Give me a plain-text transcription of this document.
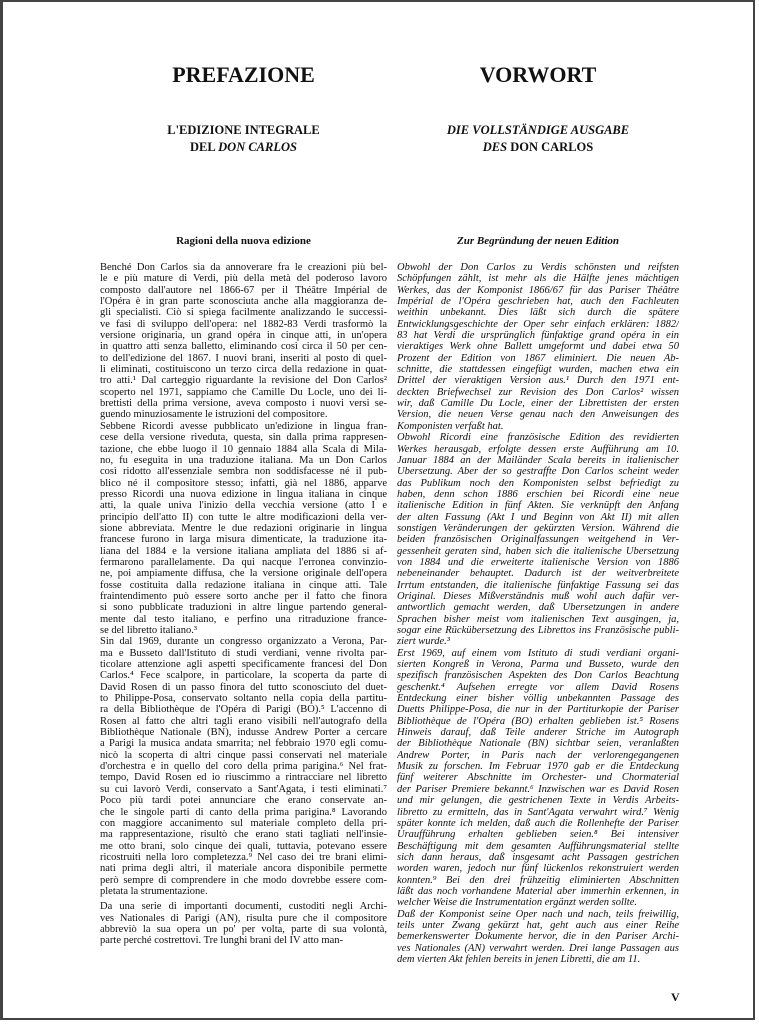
PREFAZIONE
L'EDIZIONE INTEGRALE
DEL DON CARLOS
Ragioni della nuova edizione
Benché Don Carlos sia da annoverare fra le creazioni più bel-
le e più mature di Verdi, più della metà del poderoso lavoro
composto dall'autore nel 1866-67 per il Théâtre Impérial de
l'Opéra è in gran parte sconosciuta anche alla maggioranza de-
gli specialisti. Ciò si spiega facilmente analizzando le successi-
ve fasi di sviluppo dell'opera: nel 1882-83 Verdi trasformò la
versione originaria, un grand opéra in cinque atti, in un'opera
in quattro atti senza balletto, eliminando così circa il 50 per cen-
to dell'edizione del 1867. I nuovi brani, inseriti al posto di quel-
li eliminati, costituiscono un terzo circa della redazione in quat-
tro atti.¹ Dal carteggio riguardante la revisione del Don Carlos²
scoperto nel 1971, sappiamo che Camille Du Locle, uno dei li-
brettisti della prima versione, aveva composto i nuovi versi se-
guendo minuziosamente le istruzioni del compositore.
Sebbene Ricordi avesse pubblicato un'edizione in lingua fran-
cese della versione riveduta, questa, sin dalla prima rappresen-
tazione, che ebbe luogo il 10 gennaio 1884 alla Scala di Mila-
no, fu eseguita in una traduzione italiana. Ma un Don Carlos
così ridotto all'essenziale sembra non soddisfacesse né il pub-
blico né il compositore stesso; infatti, già nel 1886, apparve
presso Ricordi una nuova edizione in lingua italiana in cinque
atti, la quale univa l'inizio della vecchia versione (atto I e
principio dell'atto II) con tutte le altre modificazioni della ver-
sione abbreviata. Mentre le due redazioni originarie in lingua
francese furono in larga misura dimenticate, la traduzione ita-
liana del 1884 e la versione italiana ampliata del 1886 si af-
fermarono parallelamente. Da qui nacque l'erronea convinzio-
ne, poi ampiamente diffusa, che la versione originale dell'opera
fosse costituita dalla redazione italiana in cinque atti. Tale
fraintendimento può essere sorto anche per il fatto che finora
si sono pubblicate traduzioni in altre lingue partendo general-
mente dal testo italiano, e perfino una ritraduzione france-
se del libretto italiano.³
Sin dal 1969, durante un congresso organizzato a Verona, Par-
ma e Busseto dall'Istituto di studi verdiani, venne rivolta par-
ticolare attenzione agli aspetti specificamente francesi del Don
Carlos.⁴ Fece scalpore, in particolare, la scoperta da parte di
David Rosen di un passo finora del tutto sconosciuto del duet-
to Philippe-Posa, conservato soltanto nella copia della partitu-
ra della Bibliothèque de l'Opéra di Parigi (BO).⁵ L'accenno di
Rosen al fatto che altri tagli erano visibili nell'autografo della
Bibliothèque Nationale (BN), indusse Andrew Porter a cercare
a Parigi la musica andata smarrita; nel febbraio 1970 egli comu-
nicò la scoperta di altri cinque passi conservati nel materiale
d'orchestra e in quello del coro della prima parigina.⁶ Nel frat-
tempo, David Rosen ed io riuscimmo a rintracciare nel libretto
su cui lavorò Verdi, conservato a Sant'Agata, i testi eliminati.⁷
Poco più tardi potei annunciare che erano conservate an-
che le singole parti di canto della prima parigina.⁸ Lavorando
con maggiore accanimento sul materiale completo della pri-
ma rappresentazione, risultò che erano stati tagliati nell'insie-
me otto brani, solo cinque dei quali, tuttavia, potevano essere
ricostruiti nella loro completezza.⁹ Nel caso dei tre brani elimi-
nati prima degli altri, il materiale ancora disponibile permette
però sempre di comprendere in che modo dovrebbe essere com-
pletata la strumentazione.
Da una serie di importanti documenti, custoditi negli Archi-
ves Nationales di Parigi (AN), risulta pure che il compositore
abbreviò la sua opera un po' per volta, parte di sua volontà,
parte perché costrettovi. Tre lunghi brani del IV atto man-
VORWORT
DIE VOLLSTÄNDIGE AUSGABE
DES DON CARLOS
Zur Begründung der neuen Edition
Obwohl der Don Carlos zu Verdis schönsten und reifsten
Schöpfungen zählt, ist mehr als die Hälfte jenes mächtigen
Werkes, das der Komponist 1866/67 für das Pariser Théâtre
Impérial de l'Opéra geschrieben hat, auch den Fachleuten
weithin unbekannt. Dies läßt sich durch die spätere
Entwicklungsgeschichte der Oper sehr einfach erklären: 1882/
83 hat Verdi die ursprünglich fünfaktige grand opéra in ein
vieraktiges Werk ohne Ballett umgeformt und dabei etwa 50
Prozent der Edition von 1867 eliminiert. Die neuen Ab-
schnitte, die stattdessen eingefügt wurden, machen etwa ein
Drittel der vieraktigen Version aus.¹ Durch den 1971 ent-
deckten Briefwechsel zur Revision des Don Carlos² wissen
wir, daß Camille Du Locle, einer der Librettisten der ersten
Version, die neuen Verse genau nach den Anweisungen des
Komponisten verfaßt hat.
Obwohl Ricordi eine französische Edition des revidierten
Werkes herausgab, erfolgte dessen erste Aufführung am 10.
Januar 1884 an der Mailänder Scala bereits in italienischer
Übersetzung. Aber der so gestraffte Don Carlos scheint weder
das Publikum noch den Komponisten selbst befriedigt zu
haben, denn schon 1886 erschien bei Ricordi eine neue
italienische Edition in fünf Akten. Sie verknüpft den Anfang
der alten Fassung (Akt I und Beginn von Akt II) mit allen
sonstigen Veränderungen der gekürzten Version. Während die
beiden französischen Originalfassungen weitgehend in Ver-
gessenheit geraten sind, haben sich die italienische Übersetzung
von 1884 und die erweiterte italienische Version von 1886
nebeneinander behauptet. Dadurch ist der weitverbreitete
Irrtum entstanden, die italienische fünfaktige Fassung sei das
Original. Dieses Mißverständnis muß wohl auch dafür ver-
antwortlich gemacht werden, daß Übersetzungen in andere
Sprachen bisher meist vom italienischen Text ausgingen, ja,
sogar eine Rückübersetzung des Librettos ins Französische publi-
ziert wurde.³
Erst 1969, auf einem vom Istituto di studi verdiani organi-
sierten Kongreß in Verona, Parma und Busseto, wurde den
spezifisch französischen Aspekten des Don Carlos Beachtung
geschenkt.⁴ Aufsehen erregte vor allem David Rosens
Entdeckung einer bisher völlig unbekannten Passage des
Duetts Philippe-Posa, die nur in der Partiturkopie der Pariser
Bibliothèque de l'Opéra (BO) erhalten geblieben ist.⁵ Rosens
Hinweis darauf, daß Teile anderer Striche im Autograph
der Bibliothèque Nationale (BN) sichtbar seien, veranlaßten
Andrew Porter, in Paris nach der verlorengegangenen
Musik zu forschen. Im Februar 1970 gab er die Entdeckung
fünf weiterer Abschnitte im Orchester- und Chormaterial
der Pariser Premiere bekannt.⁶ Inzwischen war es David Rosen
und mir gelungen, die gestrichenen Texte in Verdis Arbeits-
libretto zu ermitteln, das in Sant'Agata verwahrt wird.⁷ Wenig
später konnte ich melden, daß auch die Rollenhefte der Pariser
Uraufführung erhalten geblieben seien.⁸ Bei intensiver
Beschäftigung mit dem gesamten Aufführungsmaterial stellte
sich dann heraus, daß insgesamt acht Passagen gestrichen
worden waren, jedoch nur fünf lückenlos rekonstruiert werden
konnten.⁹ Bei den drei frühzeitig eliminierten Abschnitten
läßt das noch vorhandene Material aber immerhin erkennen, in
welcher Weise die Instrumentation ergänzt werden sollte.
Daß der Komponist seine Oper nach und nach, teils freiwillig,
teils unter Zwang gekürzt hat, geht auch aus einer Reihe
bemerkenswerter Dokumente hervor, die in den Pariser Archi-
ves Nationales (AN) verwahrt werden. Drei lange Passagen aus
dem vierten Akt fehlen bereits in jenen Libretti, die am 11.
V
